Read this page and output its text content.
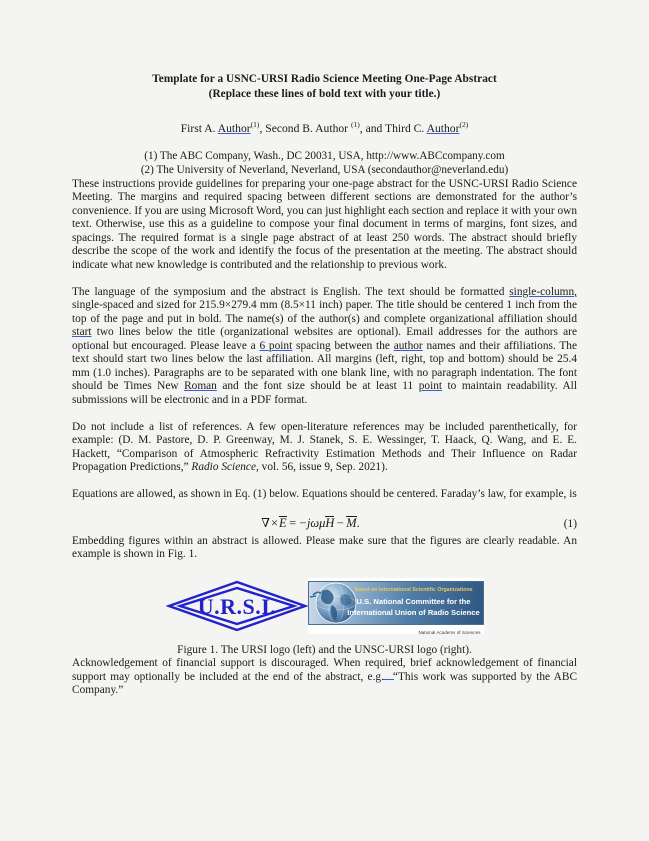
Template for a USNC-URSI Radio Science Meeting One-Page Abstract
(Replace these lines of bold text with your title.)
First A. Author$^{(1)}$, Second B. Author $^{(1)}$, and Third C. Author$^{(2)}$
(1) The ABC Company, Wash., DC 20031, USA, http://www.ABCcompany.com
(2) The University of Neverland, Neverland, USA (secondauthor@neverland.edu)

These instructions provide guidelines for preparing your one-page abstract for the USNC-URSI Radio Science Meeting. The margins and required spacing between different sections are demonstrated for the author’s convenience. If you are using Microsoft Word, you can just highlight each section and replace it with your own text. Otherwise, use this as a guideline to compose your final document in terms of margins, font sizes, and spacings. The required format is a single page abstract of at least 250 words. The abstract should briefly describe the scope of the work and identify the focus of the presentation at the meeting. The abstract should indicate what new knowledge is contributed and the relationship to previous work.

The language of the symposium and the abstract is English. The text should be formatted single-column, single-spaced and sized for 215.9×279.4 mm (8.5×11 inch) paper. The title should be centered 1 inch from the top of the page and put in bold. The name(s) of the author(s) and complete organizational affiliation should start two lines below the title (organizational websites are optional). Email addresses for the authors are optional but encouraged. Please leave a 6 point spacing between the author names and their affiliations. The text should start two lines below the last affiliation. All margins (left, right, top and bottom) should be 25.4 mm (1.0 inches). Paragraphs are to be separated with one blank line, with no paragraph indentation. The font should be Times New Roman and the font size should be at least 11 point to maintain readability. All submissions will be electronic and in a PDF format.

Do not include a list of references. A few open-literature references may be included parenthetically, for example: (D. M. Pastore, D. P. Greenway, M. J. Stanek, S. E. Wessinger, T. Haack, Q. Wang, and E. E. Hackett, “Comparison of Atmospheric Refractivity Estimation Methods and Their Influence on Radar Propagation Predictions,” Radio Science, vol. 56, issue 9, Sep. 2021).

Equations are allowed, as shown in Eq. (1) below. Equations should be centered. Faraday’s law, for example, is

∇ × E  =  −jωμH  −  M.	(1)

Embedding figures within an abstract is allowed. Please make sure that the figures are clearly readable. An example is shown in Fig. 1.

U.R.S.I.
Board on International Scientific Organizations
U.S. National Committee for the
International Union of Radio Science
National Academy of Sciences
Figure 1. The URSI logo (left) and the UNSC-URSI logo (right).

Acknowledgement of financial support is discouraged. When required, brief acknowledgement of financial support may optionally be included at the end of the abstract, e.g. “This work was supported by the ABC Company.”
